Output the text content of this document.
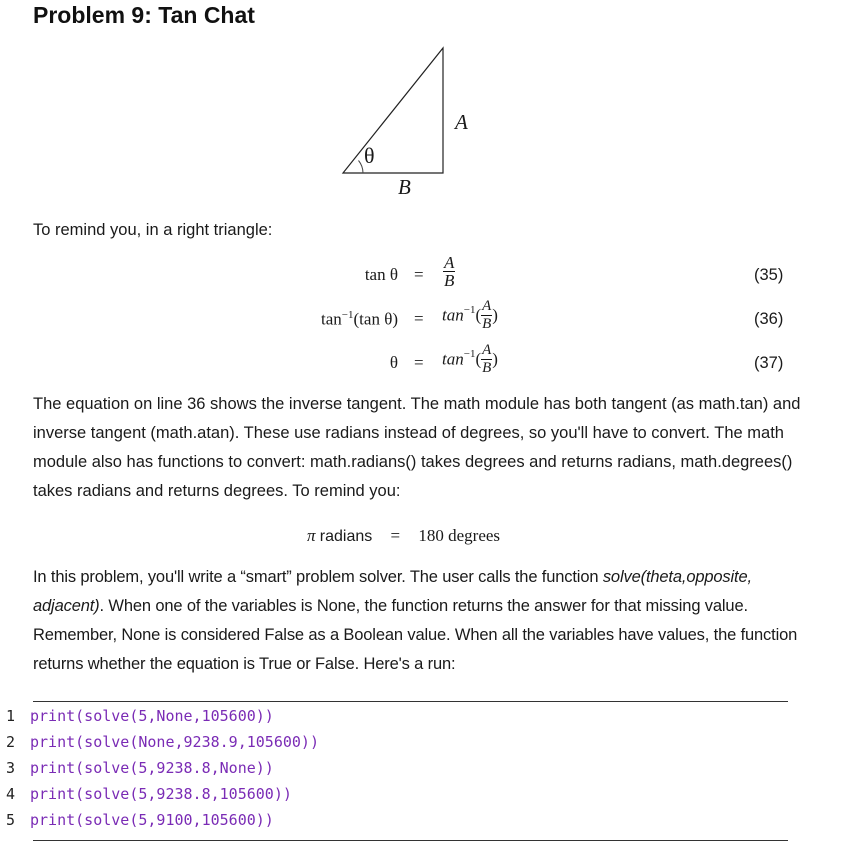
Problem 9: Tan Chat
θ
A
B
To remind you, in a right triangle:
$\tan \theta = \frac{A}{B}$	(35)
$\tan^{-1}(\tan$ $\theta) = \tan^{-1}( \frac{A}{B}$ )	(36)
$\theta = \tan^{-1}( \frac{A}{B}$ )	(37)
The equation on line 36 shows the inverse tangent. The math module has both tangent (as math.tan) and inverse tangent (math.atan). These use radians instead of degrees, so you'll have to convert. The math module also has functions to convert: math.radians() takes degrees and returns radians, math.degrees() takes radians and returns degrees. To remind you:
π radians = 180 degrees
In this problem, you'll write a “smart” problem solver. The user calls the function solve(theta,opposite, adjacent). When one of the variables is None, the function returns the answer for that missing value. Remember, None is considered False as a Boolean value. When all the variables have values, the function returns whether the equation is True or False. Here's a run:
1 print(solve(5,None,105600))
2 print(solve(None,9238.9,105600))
3 print(solve(5,9238.8,None))
4 print(solve(5,9238.8,105600))
5 print(solve(5,9100,105600))
